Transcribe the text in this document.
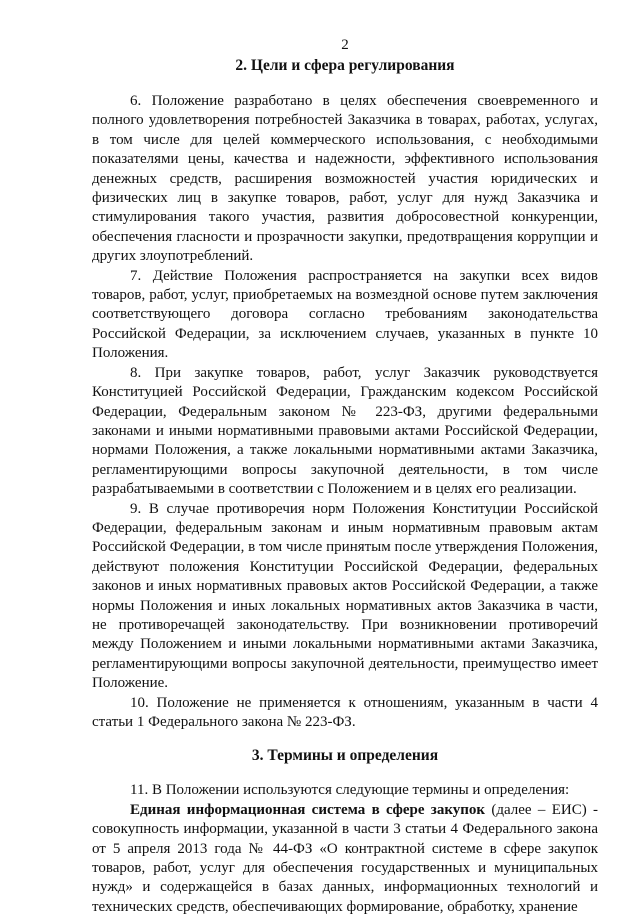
2
2. Цели и сфера регулирования

6. Положение разработано в целях обеспечения своевременного и полного удовлетворения потребностей Заказчика в товарах, работах, услугах, в том числе для целей коммерческого использования, с необходимыми показателями цены, качества и надежности, эффективного использования денежных средств, расширения возможностей участия юридических и физических лиц в закупке товаров, работ, услуг для нужд Заказчика и стимулирования такого участия, развития добросовестной конкуренции, обеспечения гласности и прозрачности закупки, предотвращения коррупции и других злоупотреблений.

7. Действие Положения распространяется на закупки всех видов товаров, работ, услуг, приобретаемых на возмездной основе путем заключения соответствующего договора согласно требованиям законодательства Российской Федерации, за исключением случаев, указанных в пункте 10 Положения.

8. При закупке товаров, работ, услуг Заказчик руководствуется Конституцией Российской Федерации, Гражданским кодексом Российской Федерации, Федеральным законом № 223-ФЗ, другими федеральными законами и иными нормативными правовыми актами Российской Федерации, нормами Положения, а также локальными нормативными актами Заказчика, регламентирующими вопросы закупочной деятельности, в том числе разрабатываемыми в соответствии с Положением и в целях его реализации.

9. В случае противоречия норм Положения Конституции Российской Федерации, федеральным законам и иным нормативным правовым актам Российской Федерации, в том числе принятым после утверждения Положения, действуют положения Конституции Российской Федерации, федеральных законов и иных нормативных правовых актов Российской Федерации, а также нормы Положения и иных локальных нормативных актов Заказчика в части, не противоречащей законодательству. При возникновении противоречий между Положением и иными локальными нормативными актами Заказчика, регламентирующими вопросы закупочной деятельности, преимущество имеет Положение.

10. Положение не применяется к отношениям, указанным в части 4 статьи 1 Федерального закона № 223-ФЗ.

3. Термины и определения

11. В Положении используются следующие термины и определения:

Единая информационная система в сфере закупок (далее – ЕИС) - совокупность информации, указанной в части 3 статьи 4 Федерального закона от 5 апреля 2013 года № 44-ФЗ «О контрактной системе в сфере закупок товаров, работ, услуг для обеспечения государственных и муниципальных нужд» и содержащейся в базах данных, информационных технологий и технических средств, обеспечивающих формирование, обработку, хранение
